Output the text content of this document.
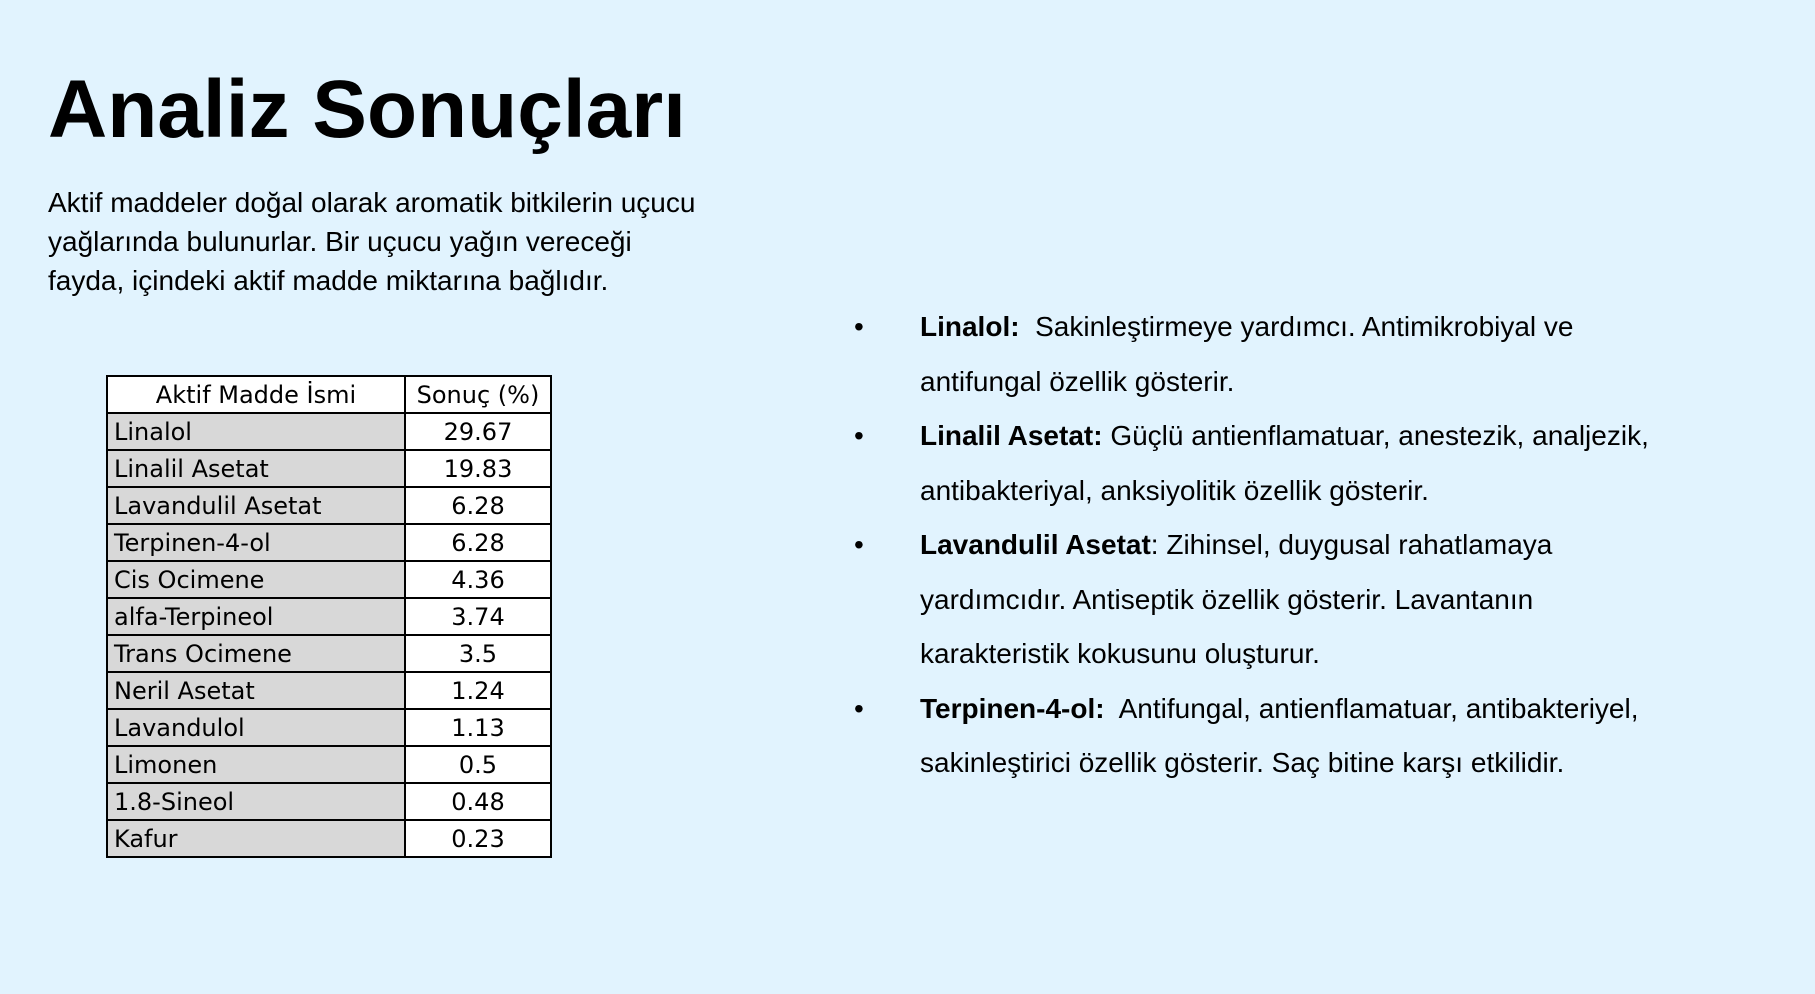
Analiz Sonuçları

Aktif maddeler doğal olarak aromatik bitkilerin uçucu yağlarında bulunurlar. Bir uçucu yağın vereceği fayda, içindeki aktif madde miktarına bağlıdır.

Aktif Madde İsmi	Sonuç (%)
Linalol	29.67
Linalil Asetat	19.83
Lavandulil Asetat	6.28
Terpinen-4-ol	6.28
Cis Ocimene	4.36
alfa-Terpineol	3.74
Trans Ocimene	3.5
Neril Asetat	1.24
Lavandulol	1.13
Limonen	0.5
1.8-Sineol	0.48
Kafur	0.23
• Linalol: Sakinleştirmeye yardımcı. Antimikrobiyal ve antifungal özellik gösterir.
• Linalil Asetat: Güçlü antienflamatuar, anestezik, analjezik, antibakteriyal, anksiyolitik özellik gösterir.
• Lavandulil Asetat: Zihinsel, duygusal rahatlamaya yardımcıdır. Antiseptik özellik gösterir. Lavantanın karakteristik kokusunu oluşturur.
• Terpinen-4-ol: Antifungal, antienflamatuar, antibakteriyel, sakinleştirici özellik gösterir. Saç bitine karşı etkilidir.
